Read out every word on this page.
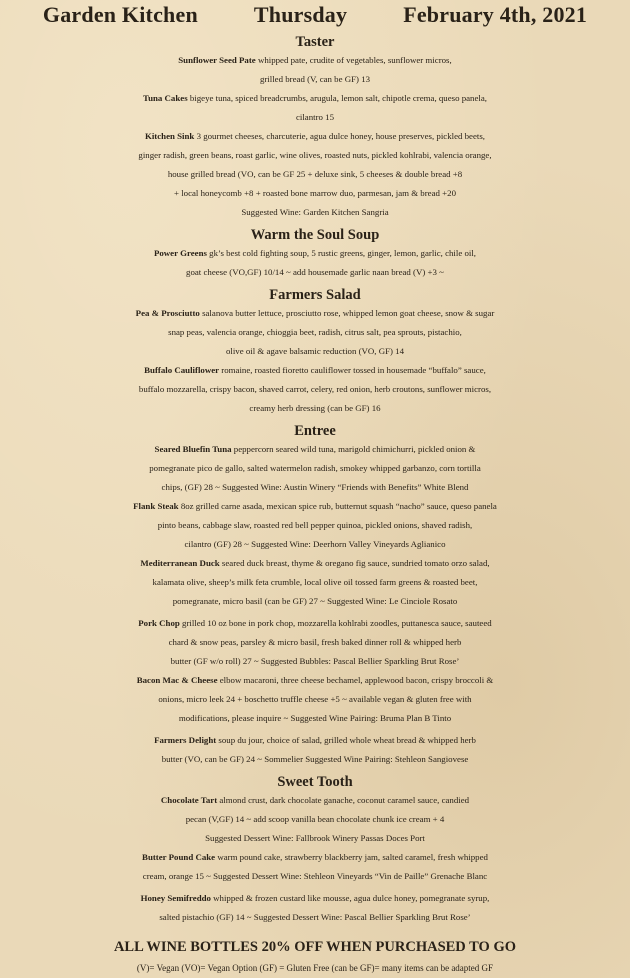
Garden Kitchen	Thursday	February 4th, 2021
Taster
Sunflower Seed Pate whipped pate, crudite of vegetables, sunflower micros,
grilled bread (V, can be GF) 13
Tuna Cakes bigeye tuna, spiced breadcrumbs, arugula, lemon salt, chipotle crema, queso panela,
cilantro 15
Kitchen Sink 3 gourmet cheeses, charcuterie, agua dulce honey, house preserves, pickled beets,
ginger radish, green beans, roast garlic, wine olives, roasted nuts, pickled kohlrabi, valencia orange,
house grilled bread (VO, can be GF 25 + deluxe sink, 5 cheeses & double bread +8
+ local honeycomb +8 + roasted bone marrow duo, parmesan, jam & bread +20
Suggested Wine: Garden Kitchen Sangria
Warm the Soul Soup
Power Greens gk’s best cold fighting soup, 5 rustic greens, ginger, lemon, garlic, chile oil,
goat cheese (VO,GF) 10/14 ~ add housemade garlic naan bread (V) +3 ~
Farmers Salad
Pea & Prosciutto salanova butter lettuce, prosciutto rose, whipped lemon goat cheese, snow & sugar
snap peas, valencia orange, chioggia beet, radish, citrus salt, pea sprouts, pistachio,
olive oil & agave balsamic reduction (VO, GF) 14
Buffalo Cauliflower romaine, roasted fioretto cauliflower tossed in housemade “buffalo” sauce,
buffalo mozzarella, crispy bacon, shaved carrot, celery, red onion, herb croutons, sunflower micros,
creamy herb dressing (can be GF) 16
Entree
Seared Bluefin Tuna peppercorn seared wild tuna, marigold chimichurri, pickled onion &
pomegranate pico de gallo, salted watermelon radish, smokey whipped garbanzo, corn tortilla
chips, (GF) 28 ~ Suggested Wine: Austin Winery “Friends with Benefits” White Blend
Flank Steak 8oz grilled carne asada, mexican spice rub, butternut squash “nacho” sauce, queso panela
pinto beans, cabbage slaw, roasted red bell pepper quinoa, pickled onions, shaved radish,
cilantro (GF) 28 ~ Suggested Wine: Deerhorn Valley Vineyards Aglianico
Mediterranean Duck seared duck breast, thyme & oregano fig sauce, sundried tomato orzo salad,
kalamata olive, sheep’s milk feta crumble, local olive oil tossed farm greens & roasted beet,
pomegranate, micro basil (can be GF) 27 ~ Suggested Wine: Le Cinciole Rosato
Pork Chop grilled 10 oz bone in pork chop, mozzarella kohlrabi zoodles, puttanesca sauce, sauteed
chard & snow peas, parsley & micro basil, fresh baked dinner roll & whipped herb
butter (GF w/o roll) 27 ~ Suggested Bubbles: Pascal Bellier Sparkling Brut Rose’
Bacon Mac & Cheese elbow macaroni, three cheese bechamel, applewood bacon, crispy broccoli &
onions, micro leek 24 + boschetto truffle cheese +5 ~ available vegan & gluten free with
modifications, please inquire ~ Suggested Wine Pairing: Bruma Plan B Tinto
Farmers Delight soup du jour, choice of salad, grilled whole wheat bread & whipped herb
butter (VO, can be GF) 24 ~ Sommelier Suggested Wine Pairing: Stehleon Sangiovese
Sweet Tooth
Chocolate Tart almond crust, dark chocolate ganache, coconut caramel sauce, candied
pecan (V,GF) 14 ~ add scoop vanilla bean chocolate chunk ice cream + 4
Suggested Dessert Wine: Fallbrook Winery Passas Doces Port
Butter Pound Cake warm pound cake, strawberry blackberry jam, salted caramel, fresh whipped
cream, orange 15 ~ Suggested Dessert Wine: Stehleon Vineyards “Vin de Paille” Grenache Blanc
Honey Semifreddo whipped & frozen custard like mousse, agua dulce honey, pomegranate syrup,
salted pistachio (GF) 14 ~ Suggested Dessert Wine: Pascal Bellier Sparkling Brut Rose’
ALL WINE BOTTLES 20% OFF WHEN PURCHASED TO GO
(V)= Vegan (VO)= Vegan Option (GF) = Gluten Free (can be GF)= many items can be adapted GF
